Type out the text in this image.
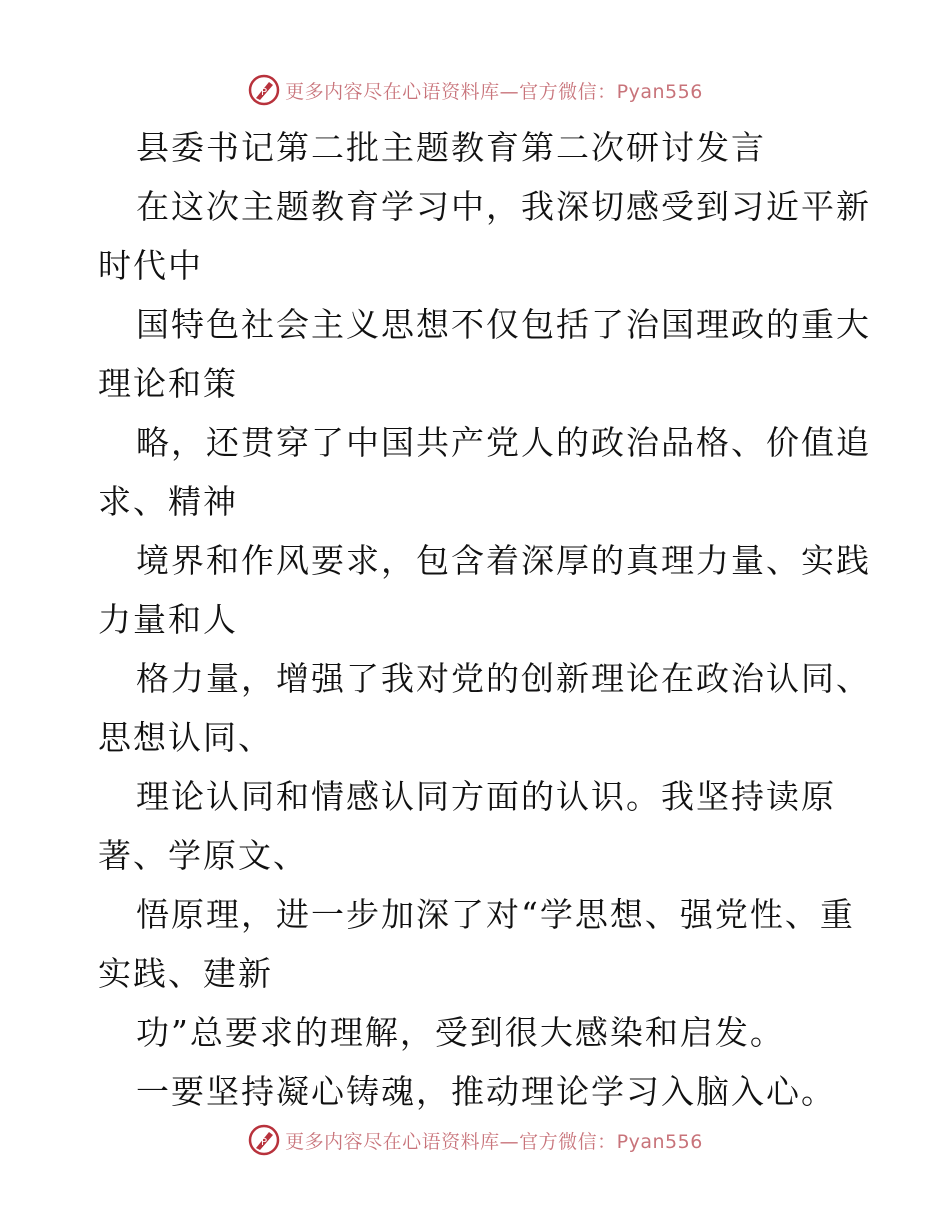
P 更多内容尽在心语资料库—官方微信：Pyan556
县委书记第二批主题教育第二次研讨发言
在这次主题教育学习中，我深切感受到习近平新
时代中
国特色社会主义思想不仅包括了治国理政的重大
理论和策
略，还贯穿了中国共产党人的政治品格、价值追
求、精神
境界和作风要求，包含着深厚的真理力量、实践
力量和人
格力量，增强了我对党的创新理论在政治认同、
思想认同、
理论认同和情感认同方面的认识。我坚持读原
著、学原文、
悟原理，进一步加深了对“学思想、强党性、重
实践、建新
功”总要求的理解，受到很大感染和启发。
一要坚持凝心铸魂，推动理论学习入脑入心。
P 更多内容尽在心语资料库—官方微信：Pyan556
